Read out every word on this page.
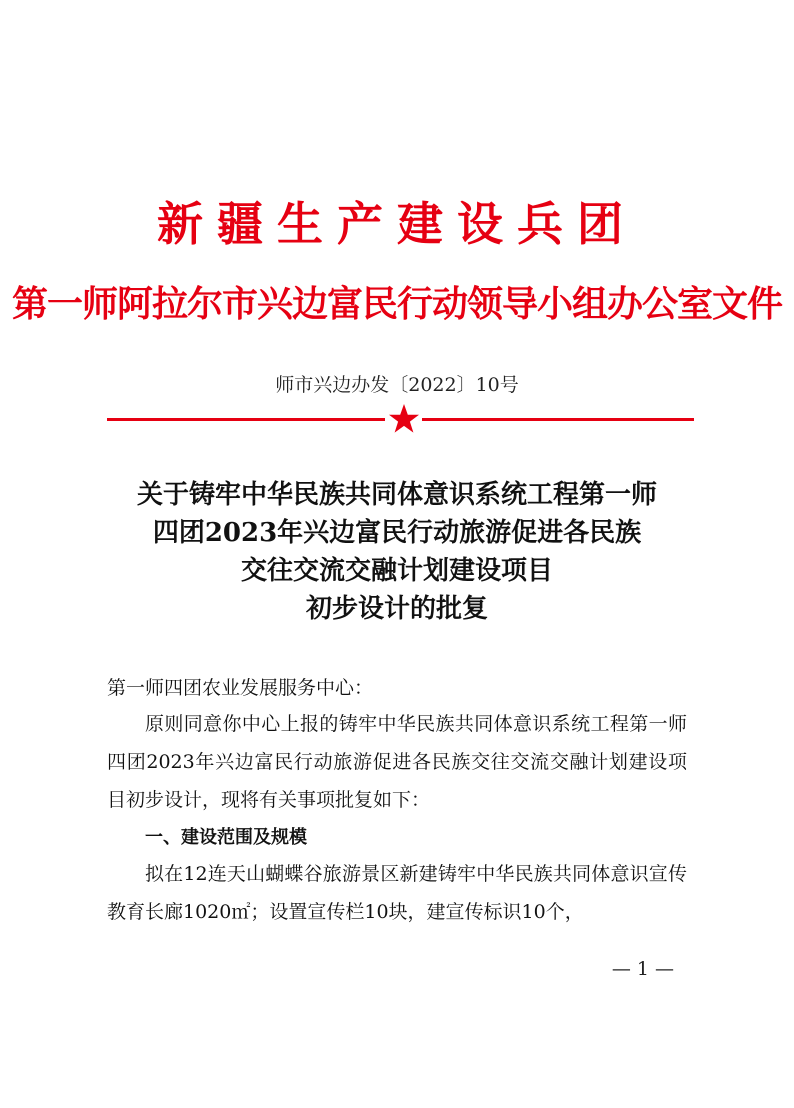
新疆生产建设兵团
第一师阿拉尔市兴边富民行动领导小组办公室文件
师市兴边办发〔2022〕10号
关于铸牢中华民族共同体意识系统工程第一师
四团2023年兴边富民行动旅游促进各民族
交往交流交融计划建设项目
初步设计的批复
第一师四团农业发展服务中心：
原则同意你中心上报的铸牢中华民族共同体意识系统工程第一师四团2023年兴边富民行动旅游促进各民族交往交流交融计划建设项目初步设计，现将有关事项批复如下：
一、建设范围及规模
拟在12连天山蝴蝶谷旅游景区新建铸牢中华民族共同体意识宣传教育长廊1020㎡；设置宣传栏10块，建宣传标识10个，
— 1 —
